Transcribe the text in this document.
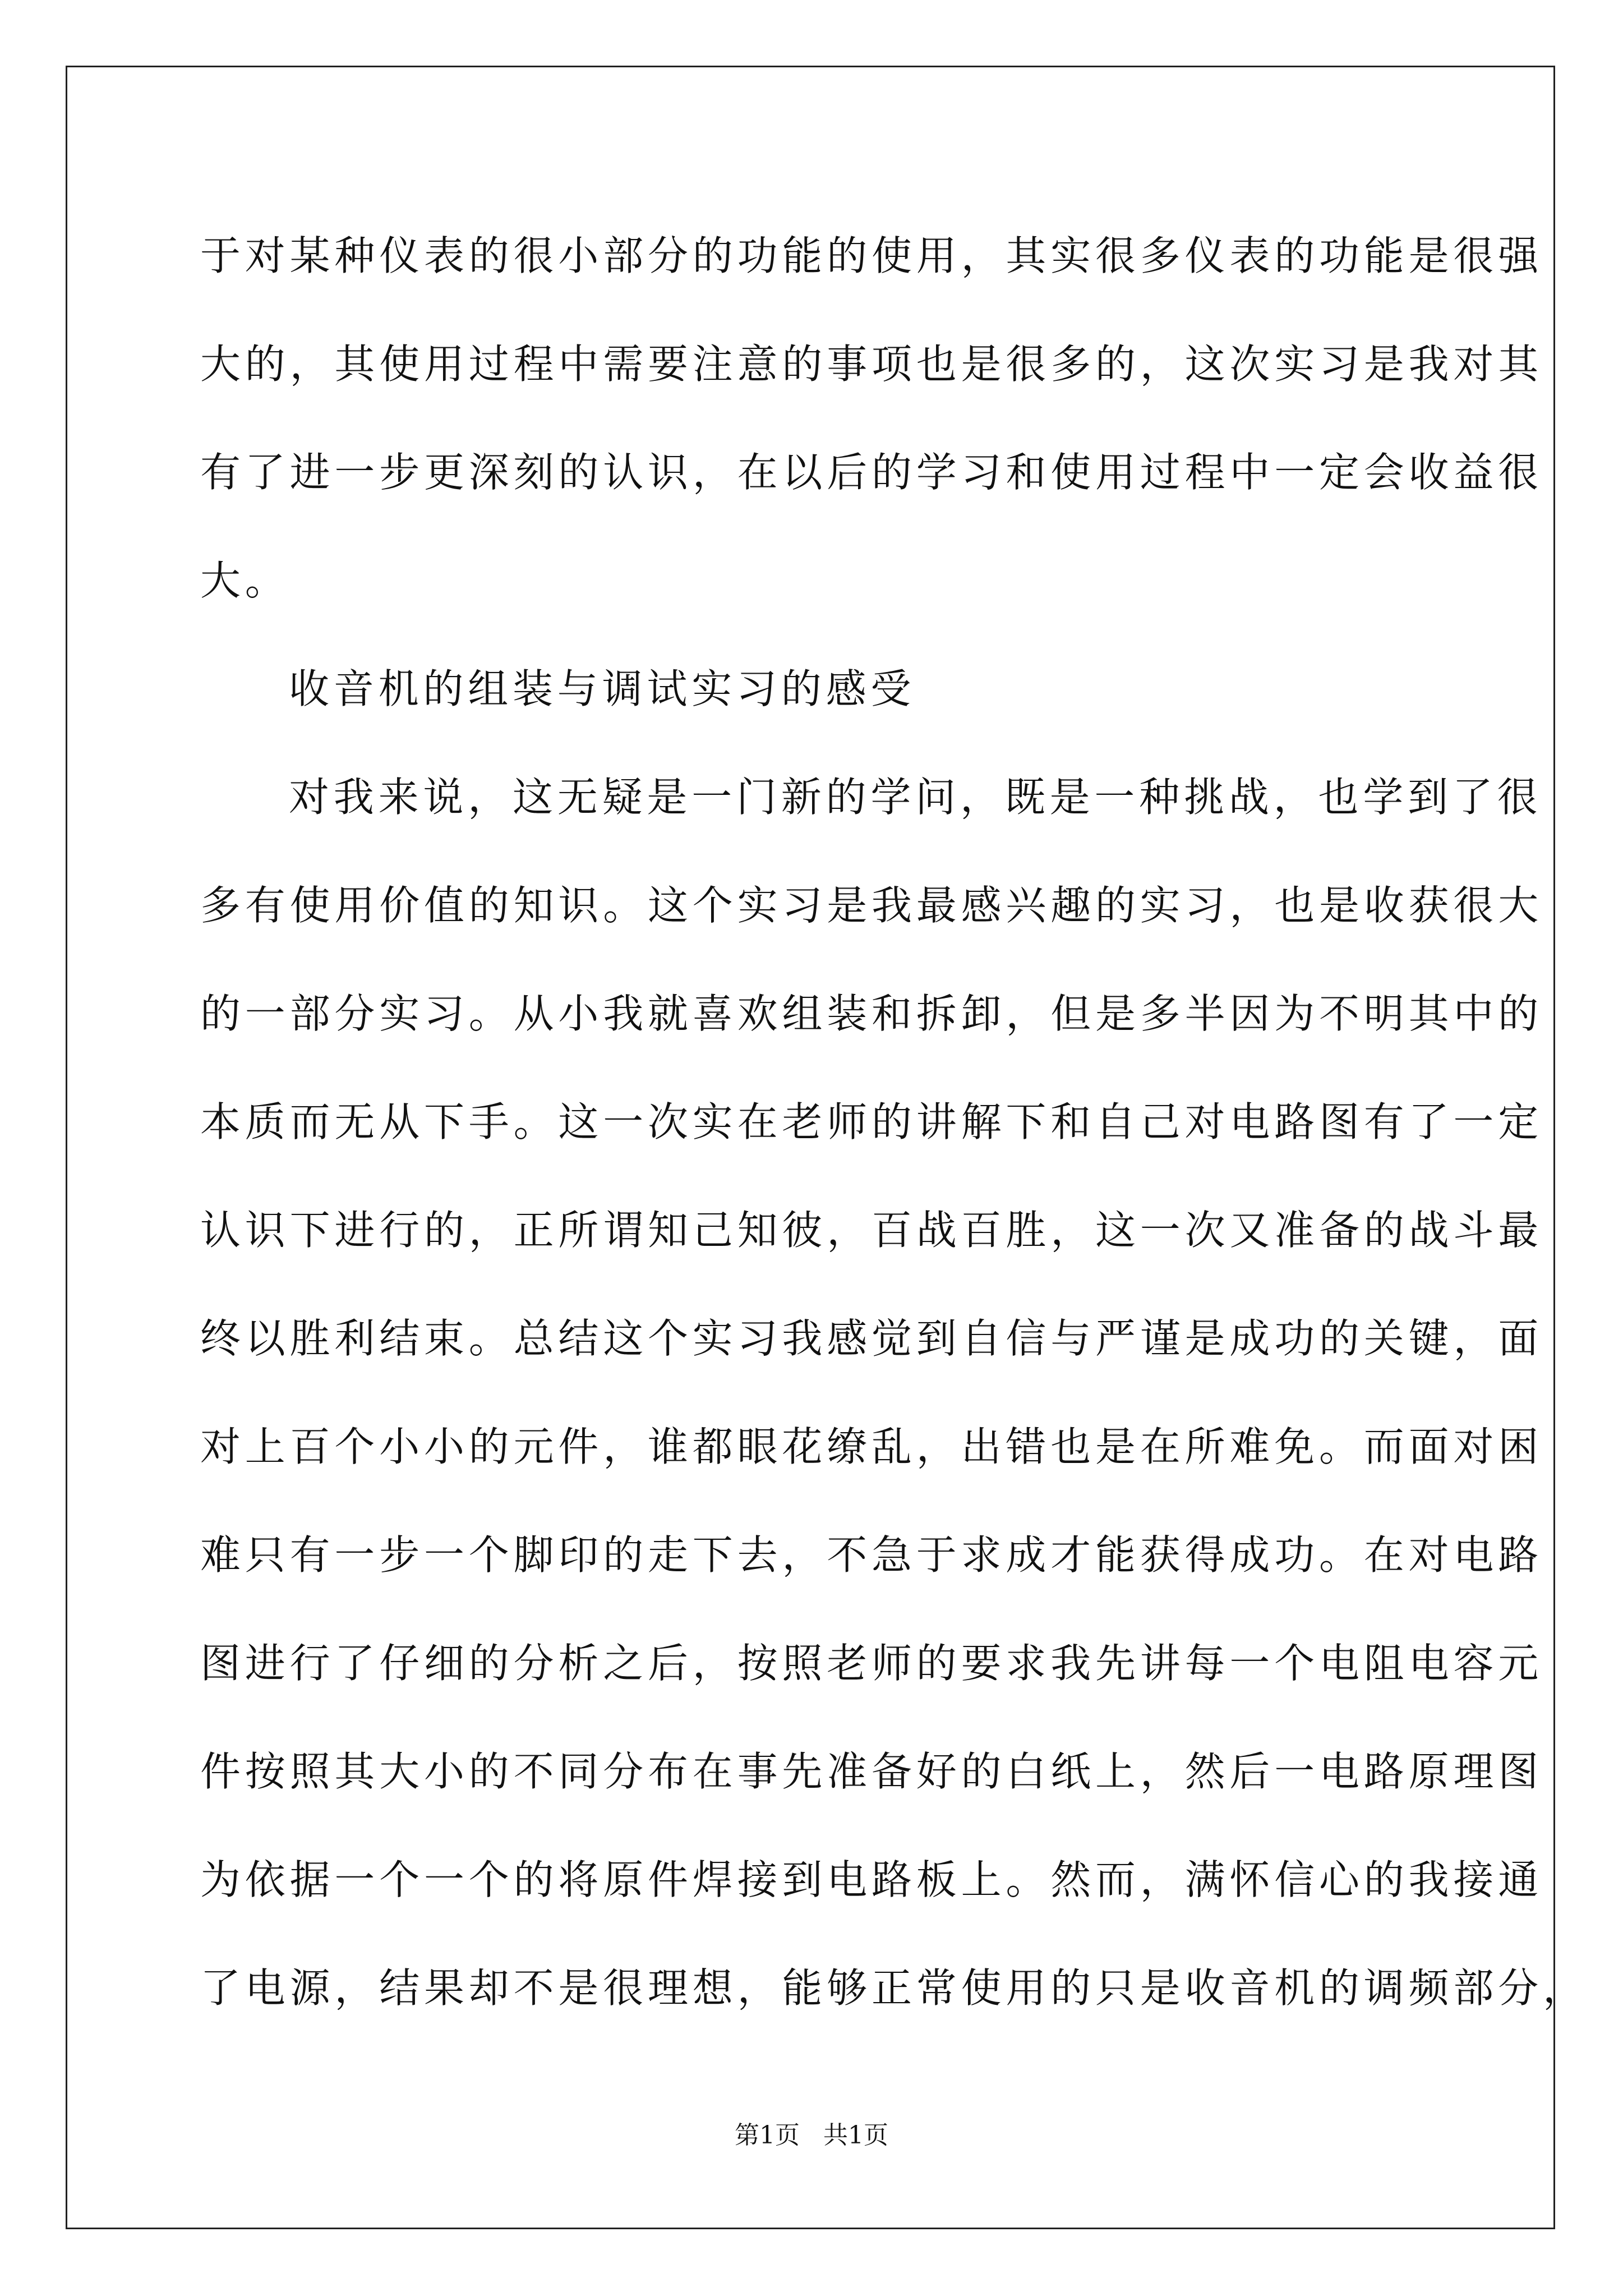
于对某种仪表的很小部分的功能的使用，其实很多仪表的功能是很强
大的，其使用过程中需要注意的事项也是很多的，这次实习是我对其
有了进一步更深刻的认识，在以后的学习和使用过程中一定会收益很
大。
收音机的组装与调试实习的感受
对我来说，这无疑是一门新的学问，既是一种挑战，也学到了很
多有使用价值的知识。这个实习是我最感兴趣的实习，也是收获很大
的一部分实习。从小我就喜欢组装和拆卸，但是多半因为不明其中的
本质而无从下手。这一次实在老师的讲解下和自己对电路图有了一定
认识下进行的，正所谓知己知彼，百战百胜，这一次又准备的战斗最
终以胜利结束。总结这个实习我感觉到自信与严谨是成功的关键，面
对上百个小小的元件，谁都眼花缭乱，出错也是在所难免。而面对困
难只有一步一个脚印的走下去，不急于求成才能获得成功。在对电路
图进行了仔细的分析之后，按照老师的要求我先讲每一个电阻电容元
件按照其大小的不同分布在事先准备好的白纸上，然后一电路原理图
为依据一个一个的将原件焊接到电路板上。然而，满怀信心的我接通
了电源，结果却不是很理想，能够正常使用的只是收音机的调频部分，
第1页   共1页
